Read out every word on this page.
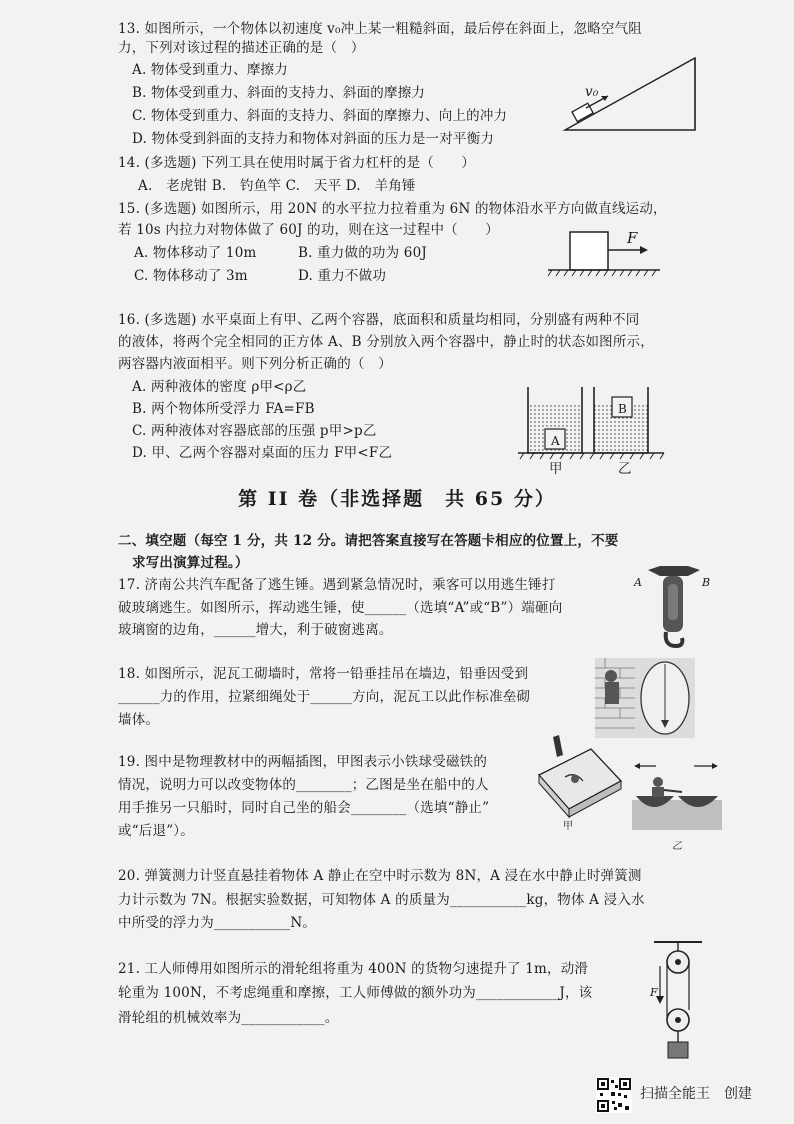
13. 如图所示，一个物体以初速度 v₀冲上某一粗糙斜面，最后停在斜面上，忽略空气阻
力，下列对该过程的描述正确的是（　）
A. 物体受到重力、摩擦力
B. 物体受到重力、斜面的支持力、斜面的摩擦力
C. 物体受到重力、斜面的支持力、斜面的摩擦力、向上的冲力
D. 物体受到斜面的支持力和物体对斜面的压力是一对平衡力
v₀
14. (多选题) 下列工具在使用时属于省力杠杆的是（　　）
A.　老虎钳 B.　钓鱼竿 C.　天平 D.　羊角锤
15. (多选题) 如图所示，用 20N 的水平拉力拉着重为 6N 的物体沿水平方向做直线运动，
若 10s 内拉力对物体做了 60J 的功，则在这一过程中（　　）
A. 物体移动了 10m	B. 重力做的功为 60J
C. 物体移动了 3m	D. 重力不做功
F
16. (多选题) 水平桌面上有甲、乙两个容器，底面积和质量均相同，分别盛有两种不同
的液体，将两个完全相同的正方体 A、B 分别放入两个容器中，静止时的状态如图所示，
两容器内液面相平。则下列分析正确的（　）
A. 两种液体的密度 ρ甲<ρ乙
B. 两个物体所受浮力 FA=FB
C. 两种液体对容器底部的压强 p甲>p乙
D. 甲、乙两个容器对桌面的压力 F甲<F乙
A
B
甲	乙
第 II 卷（非选择题　共 65 分）
二、填空题（每空 1 分，共 12 分。请把答案直接写在答题卡相应的位置上，不要
求写出演算过程。）
17. 济南公共汽车配备了逃生锤。遇到紧急情况时，乘客可以用逃生锤打
破玻璃逃生。如图所示，挥动逃生锤，使______（选填“A”或“B”）端砸向
玻璃窗的边角，______增大，利于破窗逃离。
A	B
18. 如图所示，泥瓦工砌墙时，常将一铅垂挂吊在墙边，铅垂因受到
______力的作用，拉紧细绳处于______方向，泥瓦工以此作标准垒砌
墙体。
19. 图中是物理教材中的两幅插图，甲图表示小铁球受磁铁的
情况，说明力可以改变物体的________；乙图是坐在船中的人
用手推另一只船时，同时自己坐的船会________（选填“静止”
或“后退”）。	甲
乙
20. 弹簧测力计竖直悬挂着物体 A 静止在空中时示数为 8N，A 浸在水中静止时弹簧测
力计示数为 7N。根据实验数据，可知物体 A 的质量为___________kg，物体 A 浸入水
中所受的浮力为___________N。
21. 工人师傅用如图所示的滑轮组将重为 400N 的货物匀速提升了 1m，动滑
轮重为 100N，不考虑绳重和摩擦，工人师傅做的额外功为____________J，该
滑轮组的机械效率为____________。
F
扫描全能王　创建
